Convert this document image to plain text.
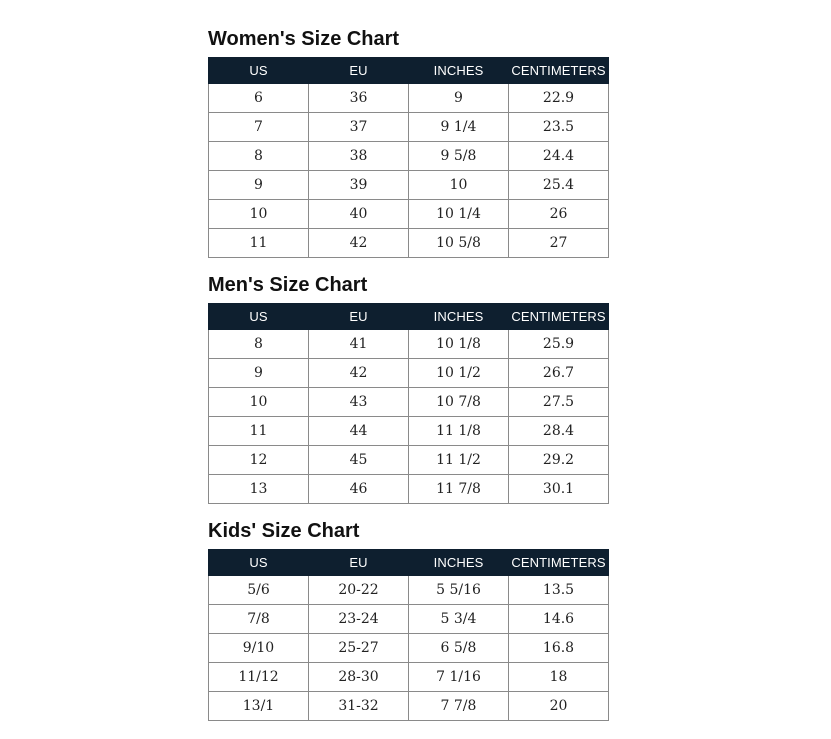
Women's Size Chart
US	EU	INCHES	CENTIMETERS
6	36	9	22.9
7	37	9 1/4	23.5
8	38	9 5/8	24.4
9	39	10	25.4
10	40	10 1/4	26
11	42	10 5/8	27
Men's Size Chart
US	EU	INCHES	CENTIMETERS
8	41	10 1/8	25.9
9	42	10 1/2	26.7
10	43	10 7/8	27.5
11	44	11 1/8	28.4
12	45	11 1/2	29.2
13	46	11 7/8	30.1
Kids' Size Chart
US	EU	INCHES	CENTIMETERS
5/6	20-22	5 5/16	13.5
7/8	23-24	5 3/4	14.6
9/10	25-27	6 5/8	16.8
11/12	28-30	7 1/16	18
13/1	31-32	7 7/8	20
